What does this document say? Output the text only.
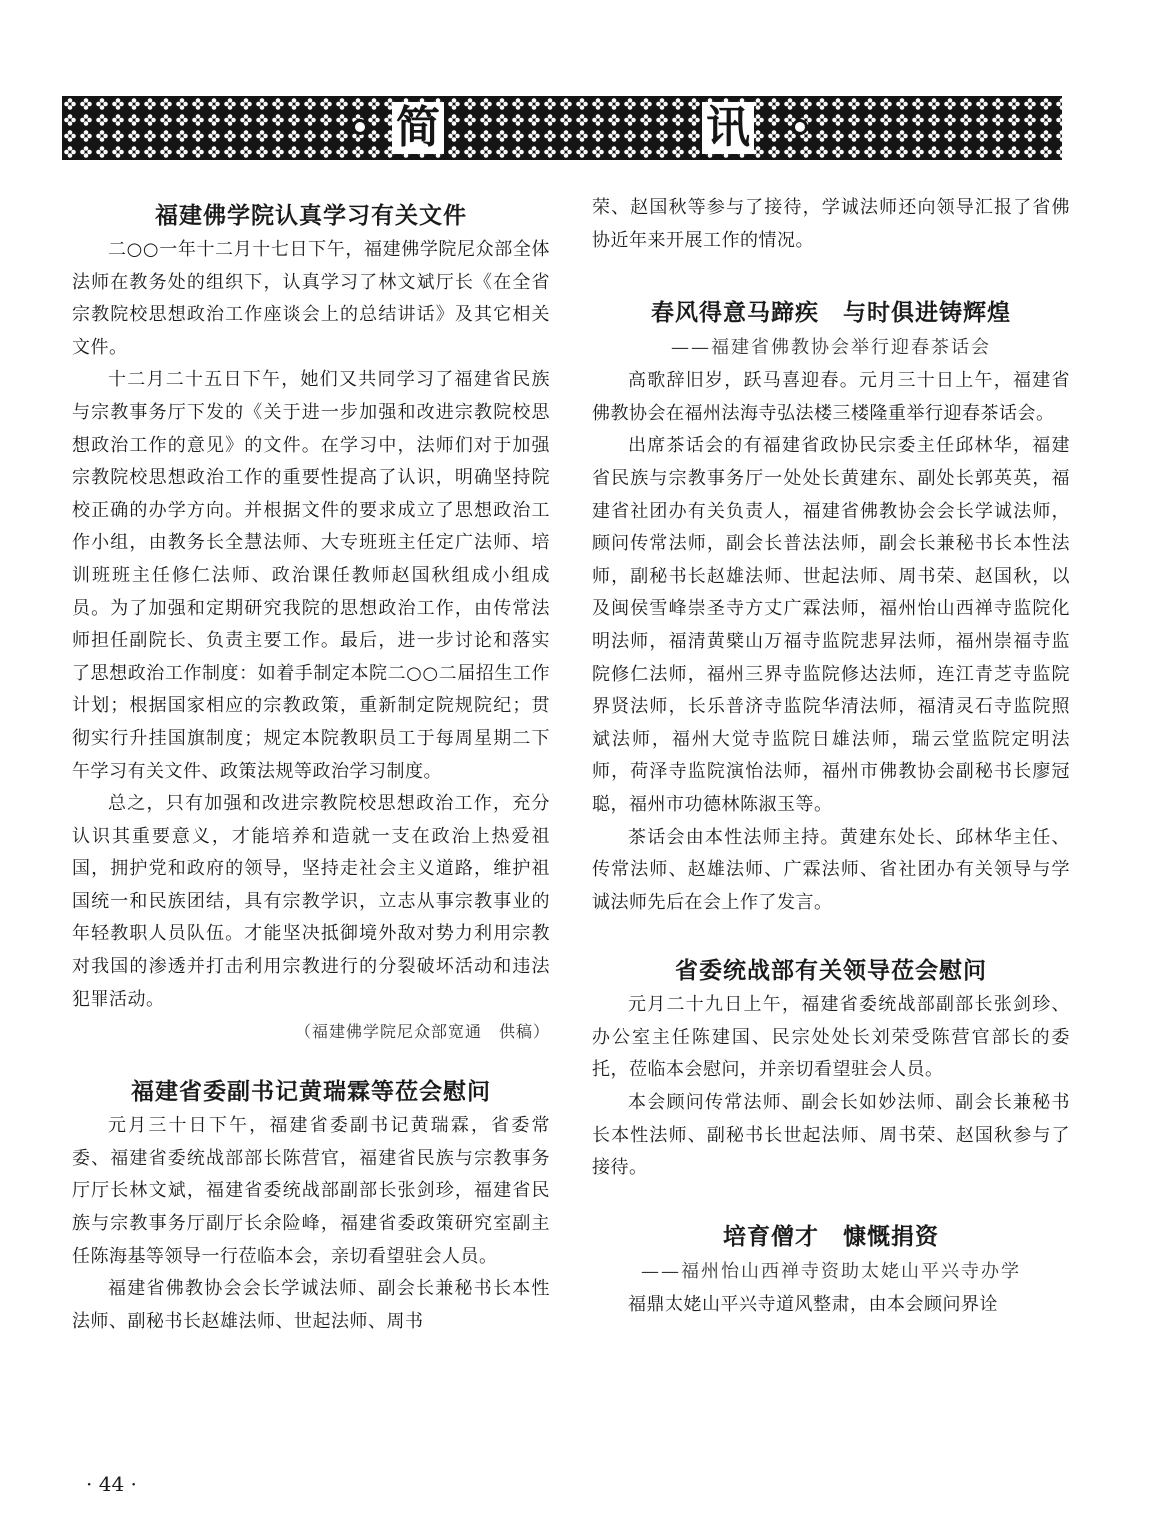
简	讯
福建佛学院认真学习有关文件

二○○一年十二月十七日下午，福建佛学院尼众部全体法师在教务处的组织下，认真学习了林文斌厅长《在全省宗教院校思想政治工作座谈会上的总结讲话》及其它相关文件。

十二月二十五日下午，她们又共同学习了福建省民族与宗教事务厅下发的《关于进一步加强和改进宗教院校思想政治工作的意见》的文件。在学习中，法师们对于加强宗教院校思想政治工作的重要性提高了认识，明确坚持院校正确的办学方向。并根据文件的要求成立了思想政治工作小组，由教务长全慧法师、大专班班主任定广法师、培训班班主任修仁法师、政治课任教师赵国秋组成小组成员。为了加强和定期研究我院的思想政治工作，由传常法师担任副院长、负责主要工作。最后，进一步讨论和落实了思想政治工作制度：如着手制定本院二○○二届招生工作计划；根据国家相应的宗教政策，重新制定院规院纪；贯彻实行升挂国旗制度；规定本院教职员工于每周星期二下午学习有关文件、政策法规等政治学习制度。

总之，只有加强和改进宗教院校思想政治工作，充分认识其重要意义，才能培养和造就一支在政治上热爱祖国，拥护党和政府的领导，坚持走社会主义道路，维护祖国统一和民族团结，具有宗教学识，立志从事宗教事业的年轻教职人员队伍。才能坚决抵御境外敌对势力利用宗教对我国的渗透并打击利用宗教进行的分裂破坏活动和违法犯罪活动。

（福建佛学院尼众部宽通　供稿）

福建省委副书记黄瑞霖等莅会慰问

元月三十日下午，福建省委副书记黄瑞霖，省委常委、福建省委统战部部长陈营官，福建省民族与宗教事务厅厅长林文斌，福建省委统战部副部长张剑珍，福建省民族与宗教事务厅副厅长余险峰，福建省委政策研究室副主任陈海基等领导一行莅临本会，亲切看望驻会人员。

福建省佛教协会会长学诚法师、副会长兼秘书长本性法师、副秘书长赵雄法师、世起法师、周书

荣、赵国秋等参与了接待，学诚法师还向领导汇报了省佛协近年来开展工作的情况。

春风得意马蹄疾　与时俱进铸辉煌

——福建省佛教协会举行迎春茶话会

高歌辞旧岁，跃马喜迎春。元月三十日上午，福建省佛教协会在福州法海寺弘法楼三楼隆重举行迎春茶话会。

出席茶话会的有福建省政协民宗委主任邱林华，福建省民族与宗教事务厅一处处长黄建东、副处长郭英英，福建省社团办有关负责人，福建省佛教协会会长学诚法师，顾问传常法师，副会长普法法师，副会长兼秘书长本性法师，副秘书长赵雄法师、世起法师、周书荣、赵国秋，以及闽侯雪峰崇圣寺方丈广霖法师，福州怡山西禅寺监院化明法师，福清黄檗山万福寺监院悲昇法师，福州崇福寺监院修仁法师，福州三界寺监院修达法师，连江青芝寺监院界贤法师，长乐普济寺监院华清法师，福清灵石寺监院照斌法师，福州大觉寺监院日雄法师，瑞云堂监院定明法师，荷泽寺监院演怡法师，福州市佛教协会副秘书长廖冠聪，福州市功德林陈淑玉等。

茶话会由本性法师主持。黄建东处长、邱林华主任、传常法师、赵雄法师、广霖法师、省社团办有关领导与学诚法师先后在会上作了发言。

省委统战部有关领导莅会慰问

元月二十九日上午，福建省委统战部副部长张剑珍、办公室主任陈建国、民宗处处长刘荣受陈营官部长的委托，莅临本会慰问，并亲切看望驻会人员。

本会顾问传常法师、副会长如妙法师、副会长兼秘书长本性法师、副秘书长世起法师、周书荣、赵国秋参与了接待。

培育僧才　慷慨捐资

——福州怡山西禅寺资助太姥山平兴寺办学

福鼎太姥山平兴寺道风整肃，由本会顾问界诠

· 44 ·
